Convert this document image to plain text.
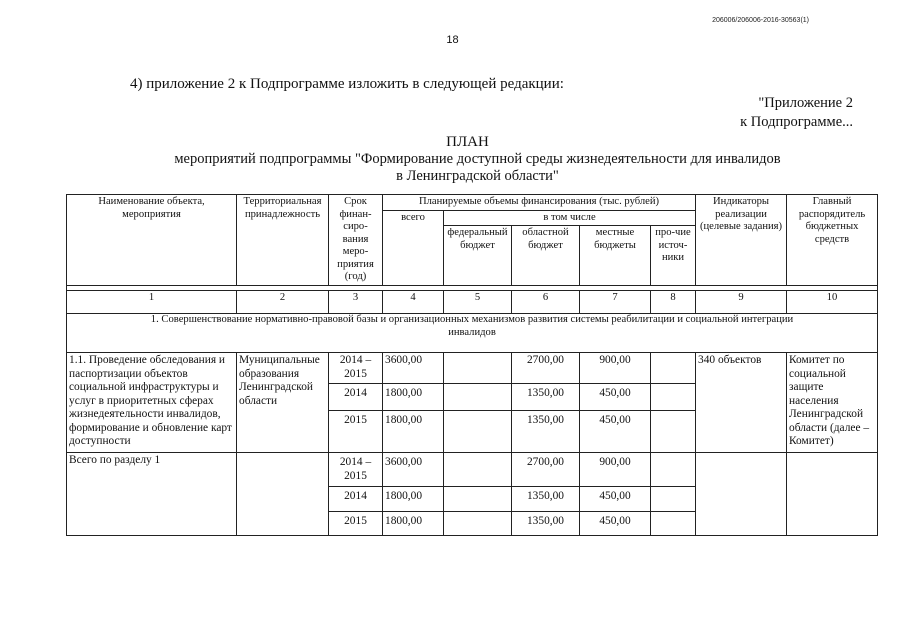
206006/206006-2016-30563(1)
18
4) приложение 2 к Подпрограмме изложить в следующей редакции:
"Приложение 2
к Подпрограмме...
ПЛАН
мероприятий подпрограммы "Формирование доступной среды жизнедеятельности для инвалидов
в Ленинградской области"
Наименование объекта, мероприятия	Территориальная принадлежность	Срок финан-сиро-вания меро-приятия (год)	Планируемые объемы финансирования (тыс. рублей)					Индикаторы реализации (целевые задания)	Главный распорядитель бюджетных средств
			всего	в том числе					
				федеральный бюджет	областной бюджет	местные бюджеты	про-чие источ-ники		

1	2	3	4	5	6	7	8	9	10
1. Совершенствование нормативно-правовой базы и организационных механизмов развития системы реабилитации и социальной интеграции инвалидов									
1.1. Проведение обследования и паспортизации объектов социальной инфраструктуры и услуг в приоритетных сферах жизнедеятельности инвалидов, формирование и обновление карт доступности	Муниципальные образования Ленинградской области	2014 – 2015	3600,00		2700,00	900,00		340 объектов	Комитет по социальной защите населения Ленинградской области (далее – Комитет)
		2014	1800,00		1350,00	450,00			
		2015	1800,00		1350,00	450,00			
Всего по разделу 1		2014 – 2015	3600,00		2700,00	900,00			
		2014	1800,00		1350,00	450,00			
		2015	1800,00		1350,00	450,00			
